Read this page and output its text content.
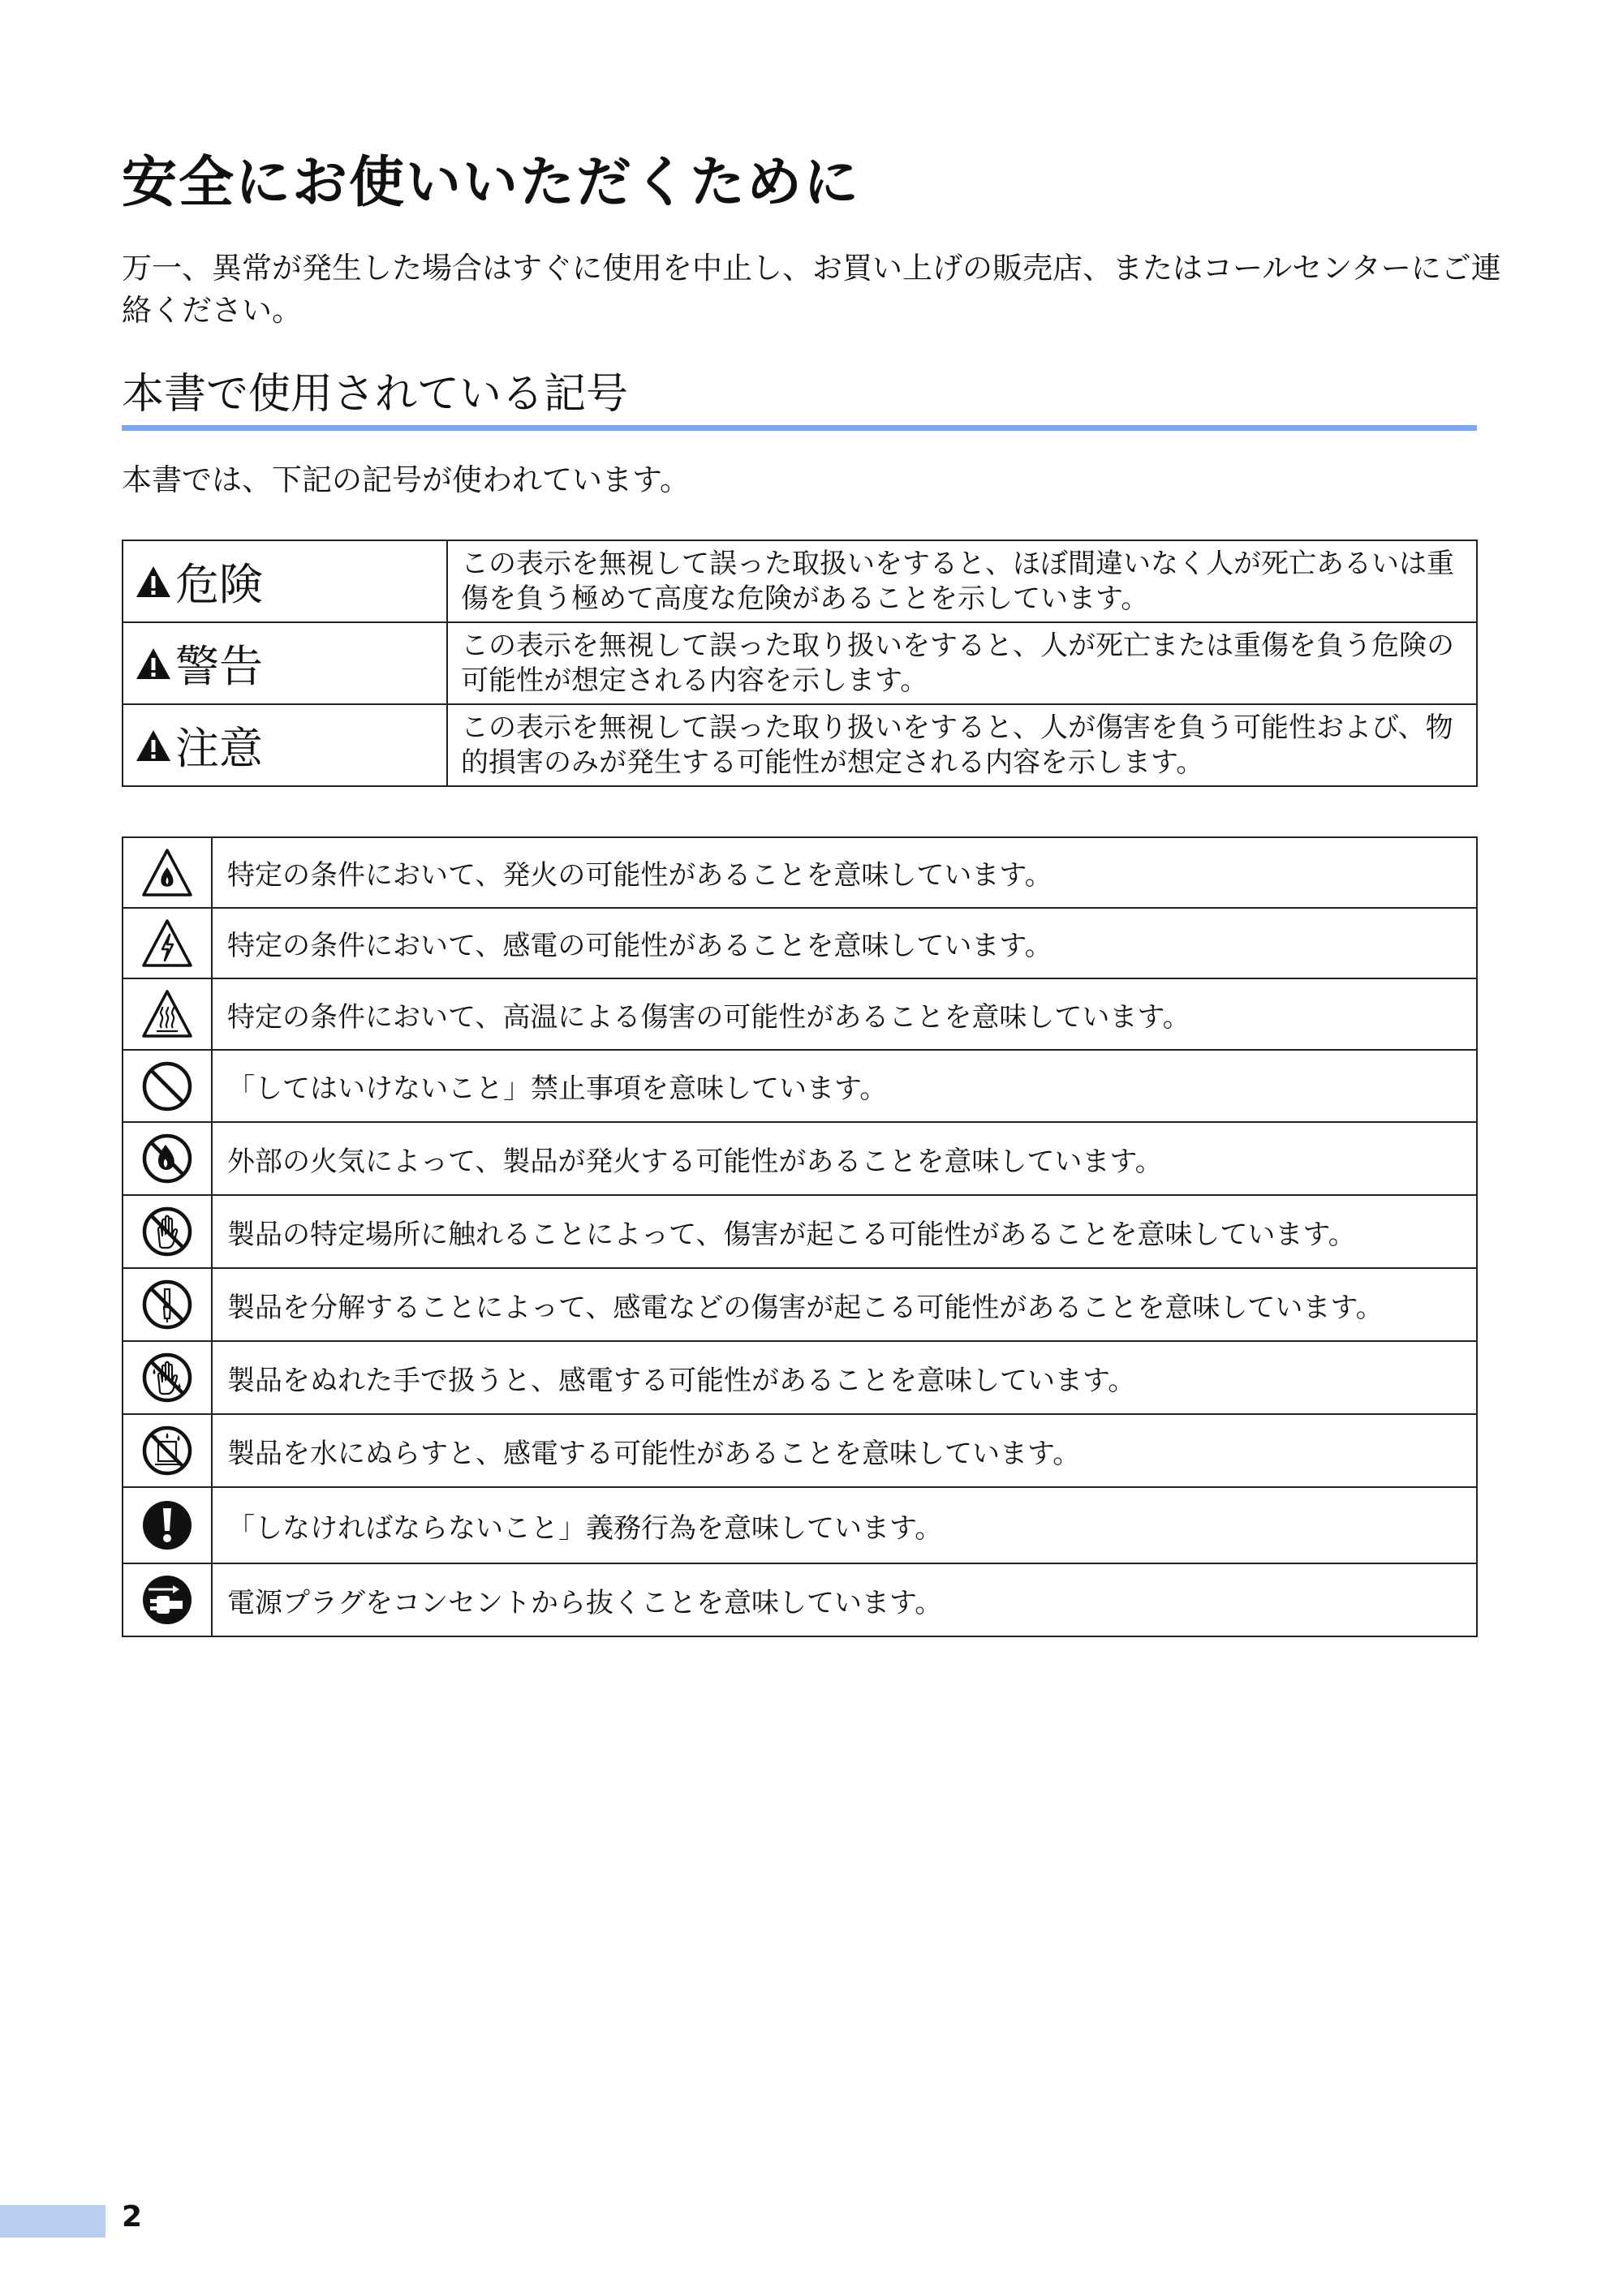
安全にお使いいただくために

万一、異常が発生した場合はすぐに使用を中止し、お買い上げの販売店、またはコールセンターにご連絡ください。

本書で使用されている記号

本書では、下記の記号が使われています。

危険	この表示を無視して誤った取扱いをすると、ほぼ間違いなく人が死亡あるいは重傷を負う極めて高度な危険があることを示しています。

警告	この表示を無視して誤った取り扱いをすると、人が死亡または重傷を負う危険の可能性が想定される内容を示します。

注意	この表示を無視して誤った取り扱いをすると、人が傷害を負う可能性および、物的損害のみが発生する可能性が想定される内容を示します。
	特定の条件において、発火の可能性があることを意味しています。

	特定の条件において、感電の可能性があることを意味しています。

	特定の条件において、高温による傷害の可能性があることを意味しています。

	「してはいけないこと」禁止事項を意味しています。

	外部の火気によって、製品が発火する可能性があることを意味しています。

	製品の特定場所に触れることによって、傷害が起こる可能性があることを意味しています。

	製品を分解することによって、感電などの傷害が起こる可能性があることを意味しています。

	製品をぬれた手で扱うと、感電する可能性があることを意味しています。

	製品を水にぬらすと、感電する可能性があることを意味しています。

	「しなければならないこと」義務行為を意味しています。

	電源プラグをコンセントから抜くことを意味しています。

2
